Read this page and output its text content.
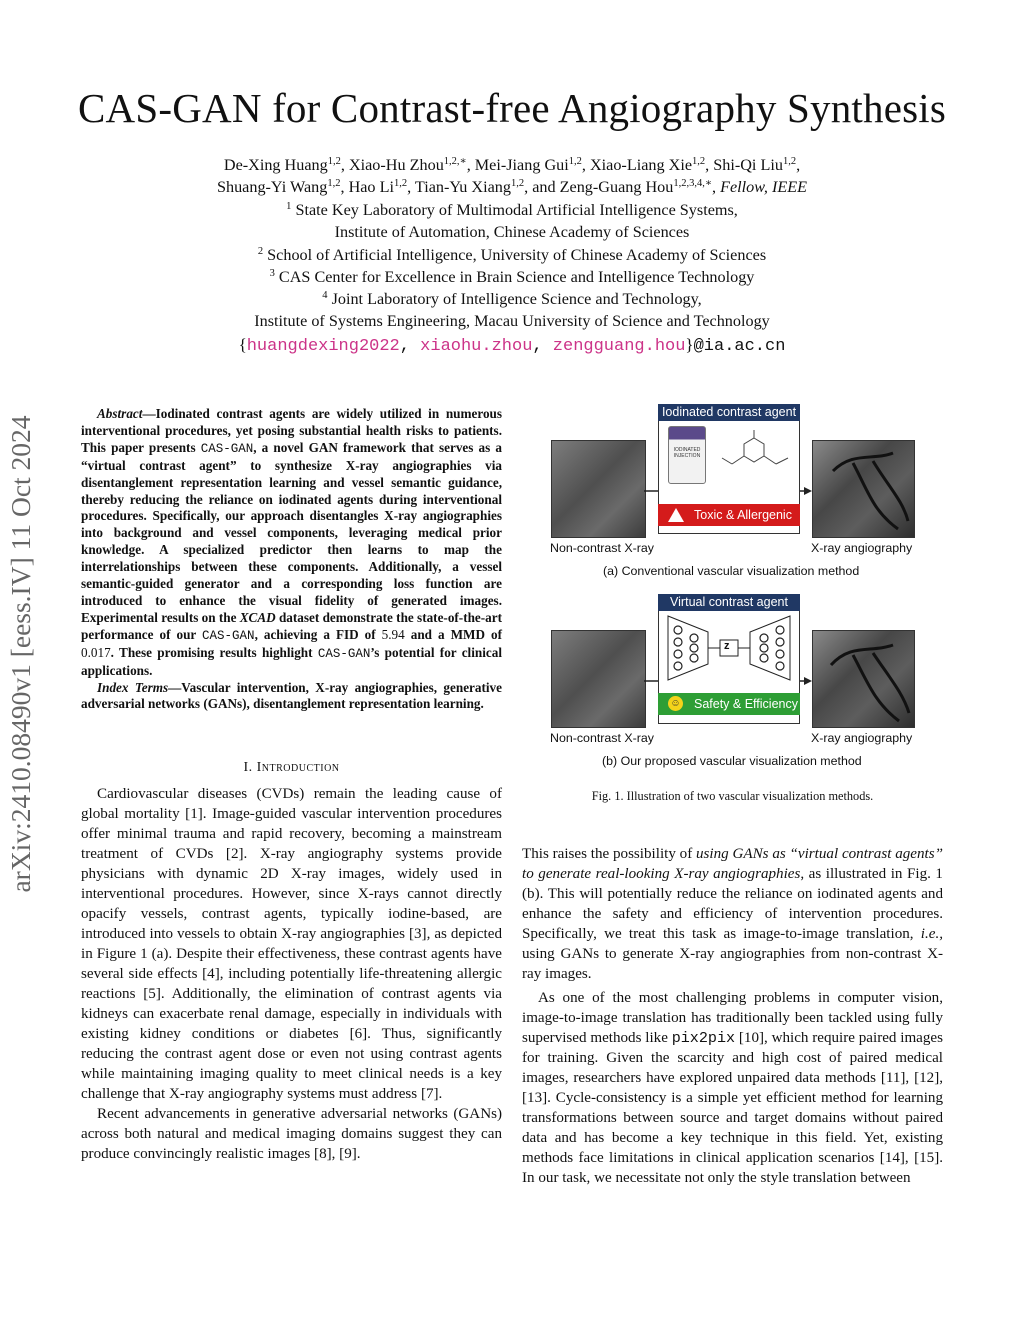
CAS-GAN for Contrast-free Angiography Synthesis
De-Xing Huang$^{1,2}$, Xiao-Hu Zhou$^{1,2,∗}$, Mei-Jiang Gui$^{1,2}$, Xiao-Liang Xie$^{1,2}$, Shi-Qi Liu$^{1,2}$,
Shuang-Yi Wang$^{1,2}$, Hao Li$^{1,2}$, Tian-Yu Xiang$^{1,2}$, and Zeng-Guang Hou$^{1,2,3,4,∗}$, Fellow, IEEE
$^1$ State Key Laboratory of Multimodal Artificial Intelligence Systems,
Institute of Automation, Chinese Academy of Sciences
$^2$ School of Artificial Intelligence, University of Chinese Academy of Sciences
$^3$ CAS Center for Excellence in Brain Science and Intelligence Technology
$^4$ Joint Laboratory of Intelligence Science and Technology,
Institute of Systems Engineering, Macau University of Science and Technology
{huangdexing2022, xiaohu.zhou, zengguang.hou}@ia.ac.cn
arXiv:2410.08490v1 [eess.IV] 11 Oct 2024
Abstract—Iodinated contrast agents are widely utilized in numerous interventional procedures, yet posing substantial health risks to patients. This paper presents CAS-GAN, a novel GAN framework that serves as a “virtual contrast agent” to synthesize X-ray angiographies via disentanglement representation learning and vessel semantic guidance, thereby reducing the reliance on iodinated agents during interventional procedures. Specifically, our approach disentangles X-ray angiographies into background and vessel components, leveraging medical prior knowledge. A specialized predictor then learns to map the interrelationships between these components. Additionally, a vessel semantic-guided generator and a corresponding loss function are introduced to enhance the visual fidelity of generated images. Experimental results on the XCAD dataset demonstrate the state-of-the-art performance of our CAS-GAN, achieving a FID of 5.94 and a MMD of 0.017. These promising results highlight CAS-GAN’s potential for clinical applications.
Index Terms—Vascular intervention, X-ray angiographies, generative adversarial networks (GANs), disentanglement representation learning.
I. Introduction

Cardiovascular diseases (CVDs) remain the leading cause of global mortality [1]. Image-guided vascular intervention procedures offer minimal trauma and rapid recovery, becoming a mainstream treatment of CVDs [2]. X-ray angiography systems provide physicians with dynamic 2D X-ray images, widely used in interventional procedures. However, since X-rays cannot directly opacify vessels, contrast agents, typically iodine-based, are introduced into vessels to obtain X-ray angiographies [3], as depicted in Figure 1 (a). Despite their effectiveness, these contrast agents have several side effects [4], including potentially life-threatening allergic reactions [5]. Additionally, the elimination of contrast agents via kidneys can exacerbate renal damage, especially in individuals with existing kidney conditions or diabetes [6]. Thus, significantly reducing the contrast agent dose or even not using contrast agents while maintaining imaging quality to meet clinical needs is a key challenge that X-ray angiography systems must address [7].

Recent advancements in generative adversarial networks (GANs) across both natural and medical imaging domains suggest they can produce convincingly realistic images [8], [9].

This raises the possibility of using GANs as “virtual contrast agents” to generate real-looking X-ray angiographies, as illustrated in Fig. 1 (b). This will potentially reduce the reliance on iodinated agents and enhance the safety and efficiency of intervention procedures. Specifically, we treat this task as image-to-image translation, i.e., using GANs to generate X-ray angiographies from non-contrast X-ray images.

As one of the most challenging problems in computer vision, image-to-image translation has traditionally been tackled using fully supervised methods like pix2pix [10], which require paired images for training. Given the scarcity and high cost of paired medical images, researchers have explored unpaired data methods [11], [12], [13]. Cycle-consistency is a simple yet efficient method for learning transformations between source and target domains without paired data and has become a key technique in this field. Yet, existing methods face limitations in clinical application scenarios [14], [15]. In our task, we necessitate not only the style translation between

Iodinated contrast agent
IODINATED INJECTION
Toxic & Allergenic
Non-contrast X-ray	X-ray angiography
(a) Conventional vascular visualization method
Virtual contrast agent
z
☺ Safety & Efficiency
Non-contrast X-ray	X-ray angiography
(b) Our proposed vascular visualization method
Fig. 1. Illustration of two vascular visualization methods.
